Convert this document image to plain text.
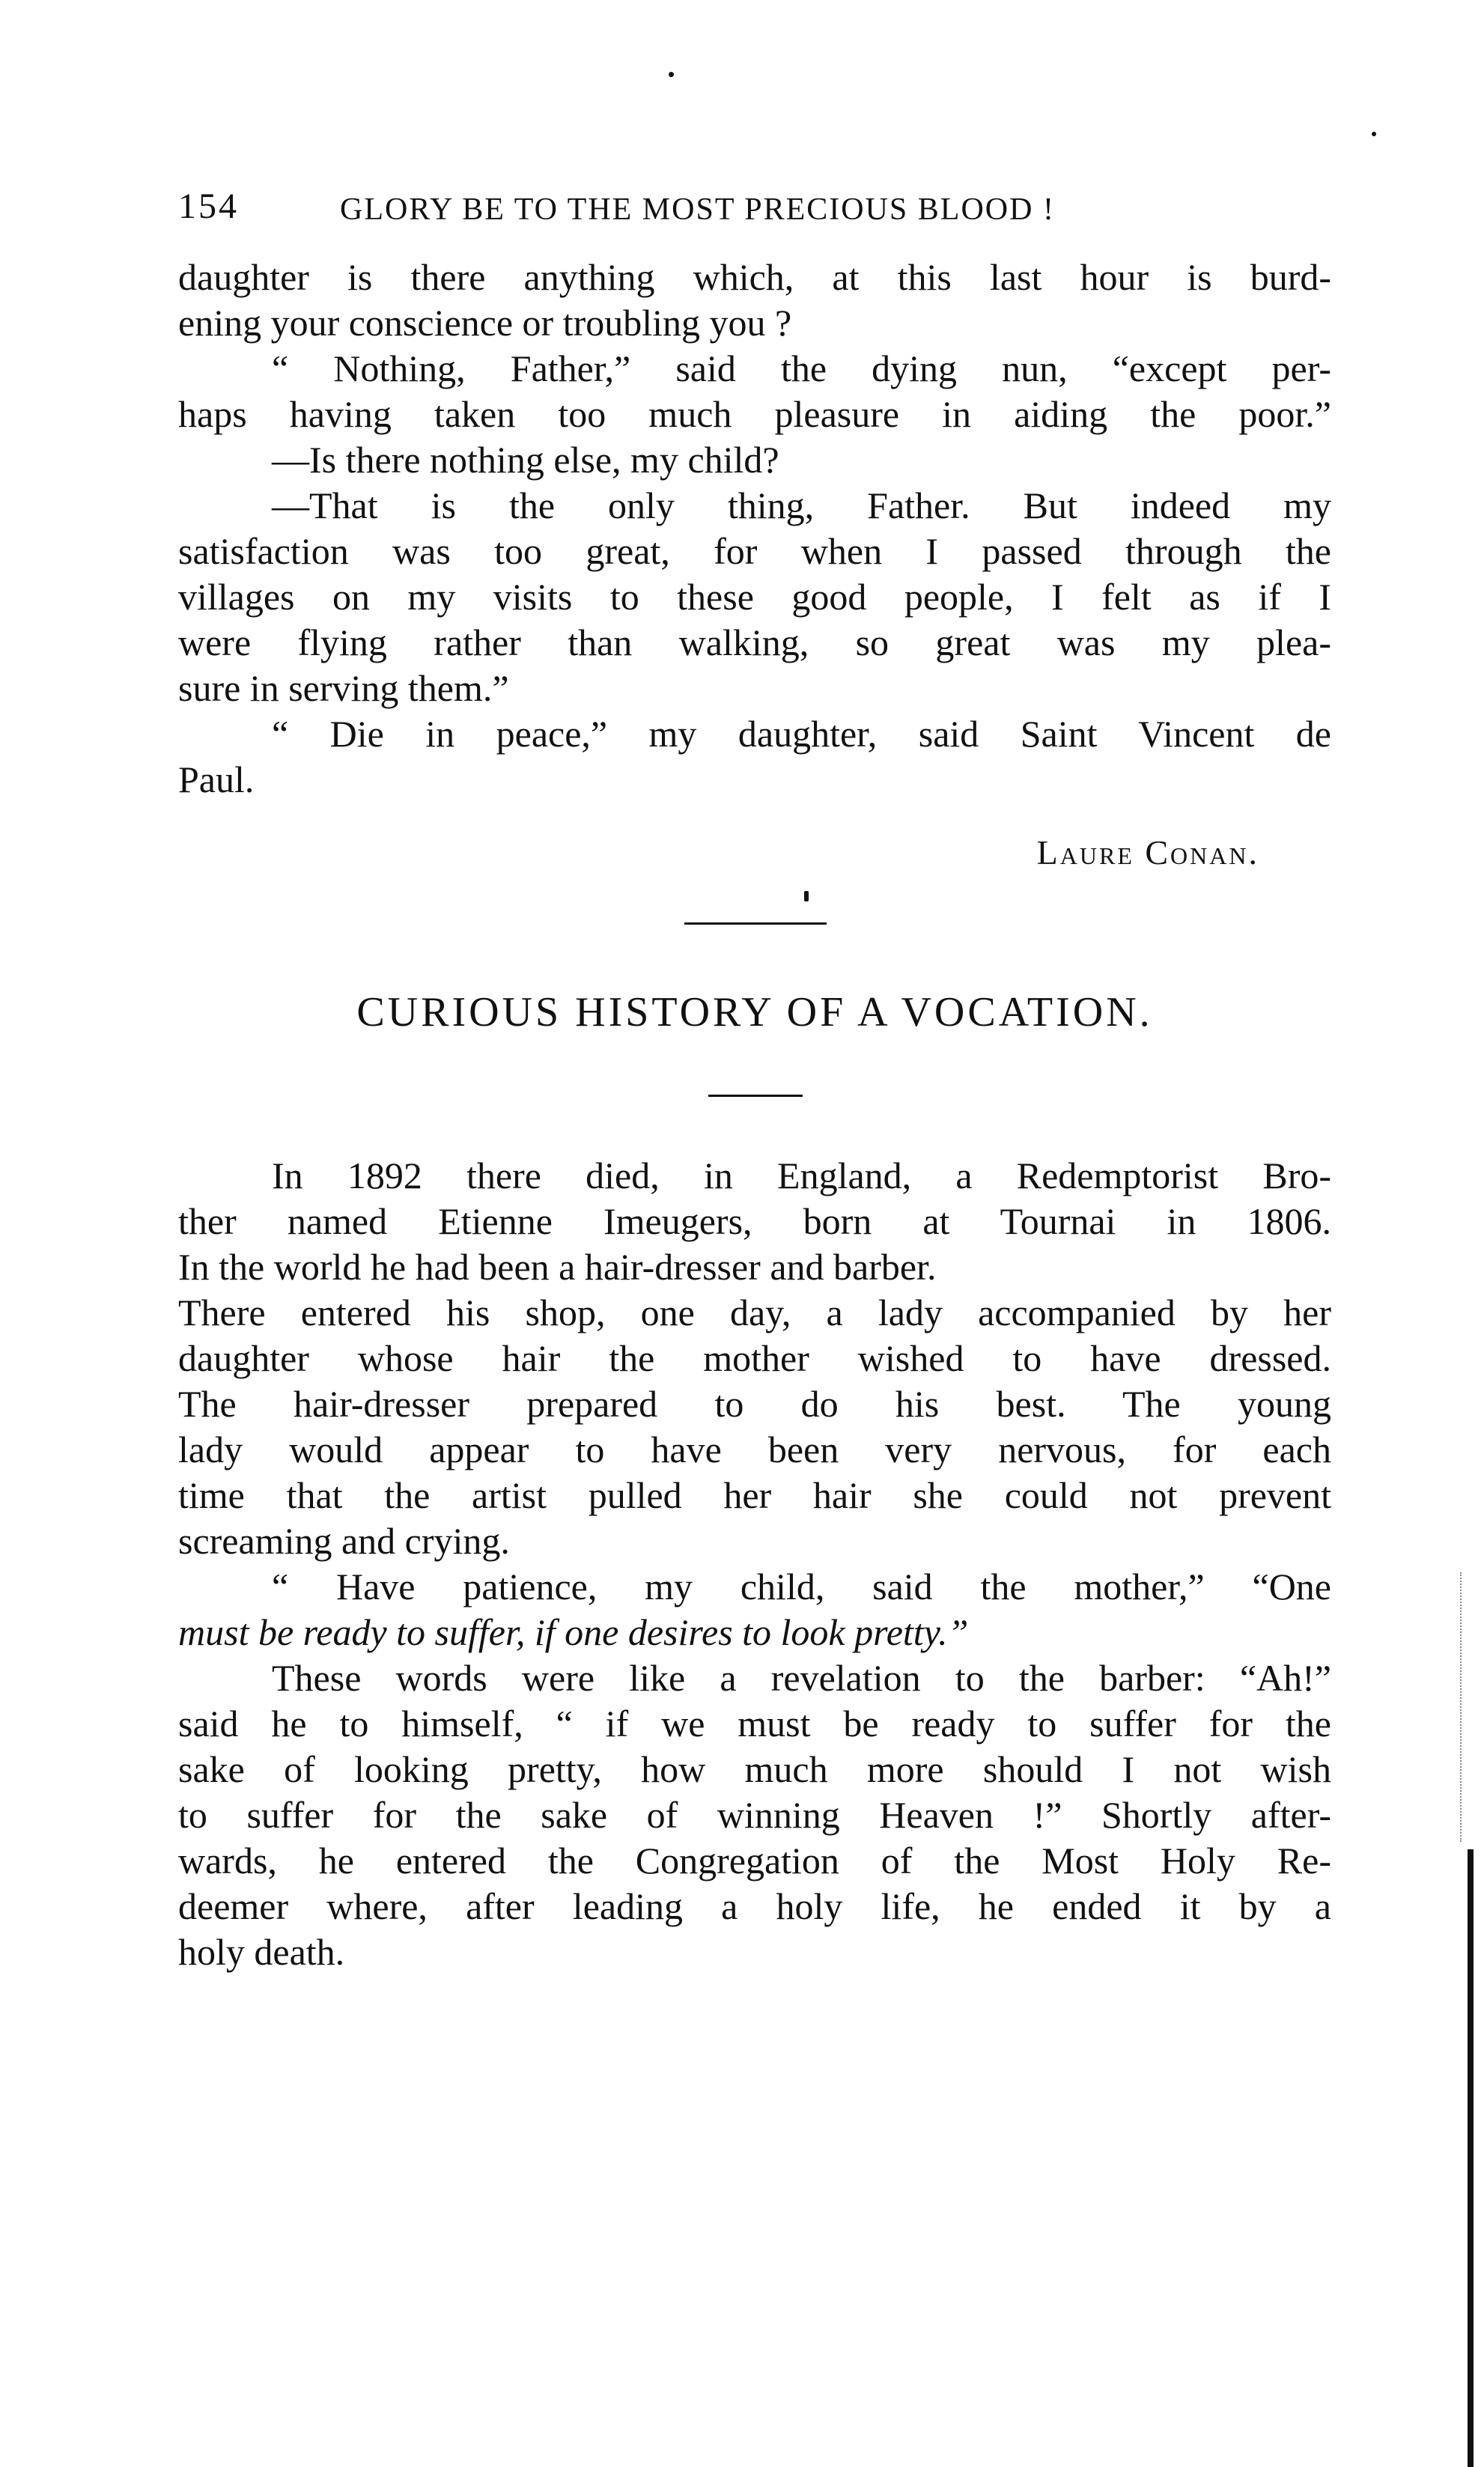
154	GLORY BE TO THE MOST PRECIOUS BLOOD !
daughter is there anything which, at this last hour is burd-
ening your conscience or troubling you ?
“ Nothing, Father,” said the dying nun, “except per-
haps having taken too much pleasure in aiding the poor.”
—Is there nothing else, my child?
—That is the only thing, Father. But indeed my
satisfaction was too great, for when I passed through the
villages on my visits to these good people, I felt as if I
were flying rather than walking, so great was my plea-
sure in serving them.”
“ Die in peace,” my daughter, said Saint Vincent de
Paul.
Laure Conan.
CURIOUS HISTORY OF A VOCATION.
In 1892 there died, in England, a Redemptorist Bro-
ther named Etienne Imeugers, born at Tournai in 1806.
In the world he had been a hair-dresser and barber.
There entered his shop, one day, a lady accompanied by her
daughter whose hair the mother wished to have dressed.
The hair-dresser prepared to do his best. The young
lady would appear to have been very nervous, for each
time that the artist pulled her hair she could not prevent
screaming and crying.
“ Have patience, my child, said the mother,” “One
must be ready to suffer, if one desires to look pretty.”
These words were like a revelation to the barber: “Ah!”
said he to himself, “ if we must be ready to suffer for the
sake of looking pretty, how much more should I not wish
to suffer for the sake of winning Heaven !” Shortly after-
wards, he entered the Congregation of the Most Holy Re-
deemer where, after leading a holy life, he ended it by a
holy death.
